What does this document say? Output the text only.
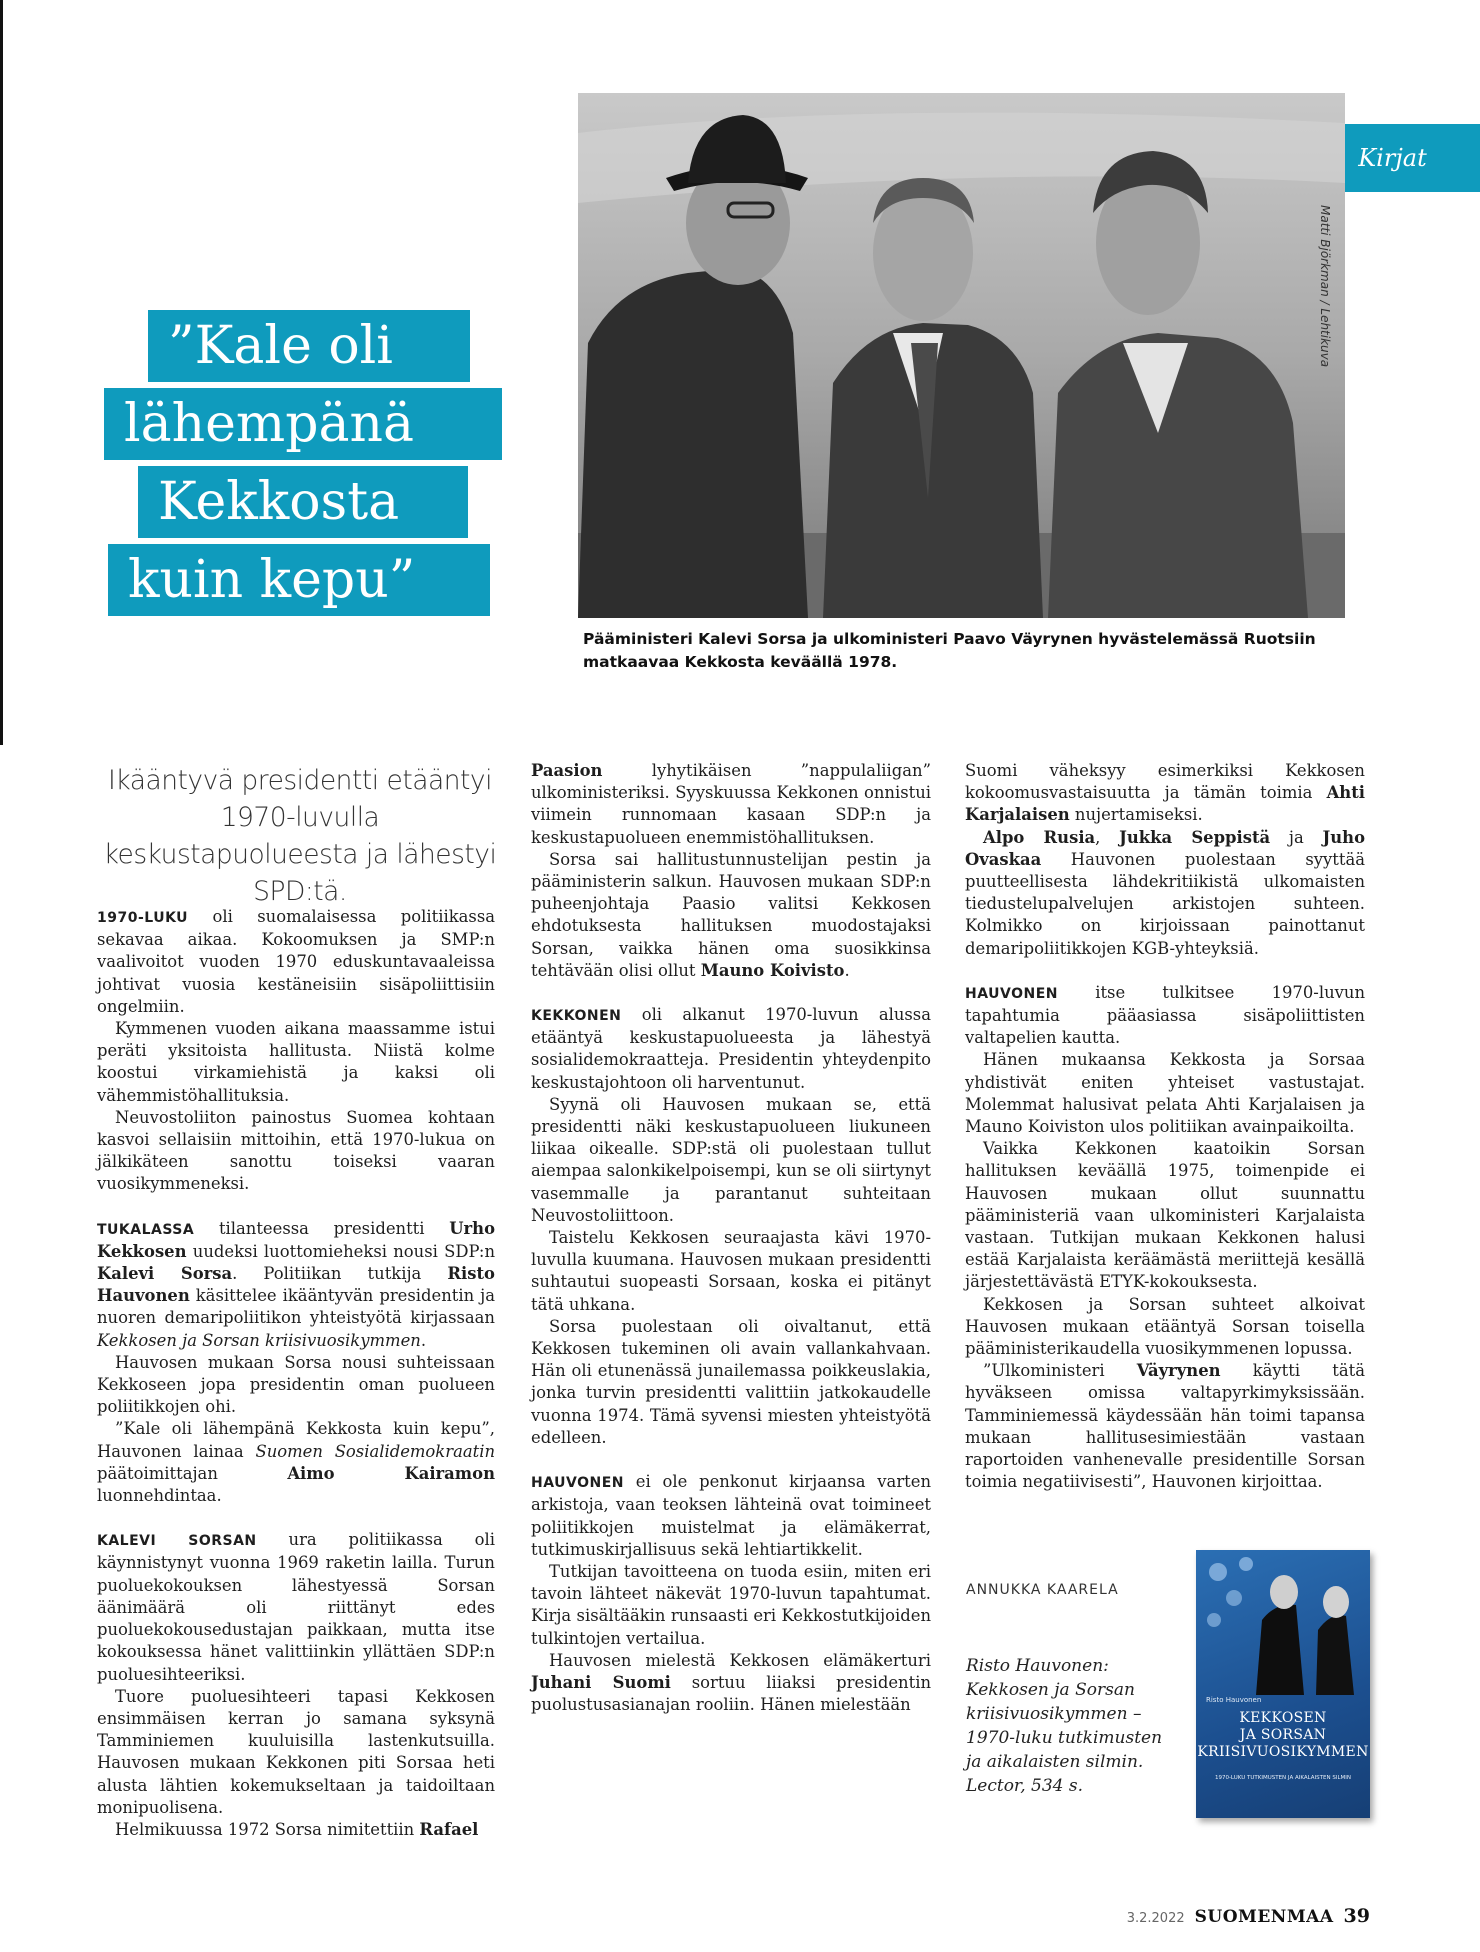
Kirjat
Matti Björkman / Lehtikuva
Pääministeri Kalevi Sorsa ja ulkoministeri Paavo Väyrynen hyvästelemässä Ruotsiin matkaavaa Kekkosta keväällä 1978.
”Kale oli
lähempänä
Kekkosta
kuin kepu”
Ikääntyvä presidentti etääntyi 1970-luvulla keskustapuolueesta ja lähestyi SPD:tä.

1970-LUKU oli suomalaisessa politiikassa sekavaa aikaa. Kokoomuksen ja SMP:n vaalivoitot vuoden 1970 eduskuntavaaleissa johtivat vuosia kestäneisiin sisäpoliittisiin ongelmiin.

Kymmenen vuoden aikana maassamme istui peräti yksitoista hallitusta. Niistä kolme koostui virkamiehistä ja kaksi oli vähemmistöhallituksia.

Neuvostoliiton painostus Suomea kohtaan kasvoi sellaisiin mittoihin, että 1970-lukua on jälkikäteen sanottu toiseksi vaaran vuosikymmeneksi.

TUKALASSA tilanteessa presidentti Urho Kekkosen uudeksi luottomieheksi nousi SDP:n Kalevi Sorsa. Politiikan tutkija Risto Hauvonen käsittelee ikääntyvän presidentin ja nuoren demaripoliitikon yhteistyötä kirjassaan Kekkosen ja Sorsan kriisivuosikymmen.

Hauvosen mukaan Sorsa nousi suhteissaan Kekkoseen jopa presidentin oman puolueen poliitikkojen ohi.

”Kale oli lähempänä Kekkosta kuin kepu”, Hauvonen lainaa Suomen Sosialidemokraatin päätoimittajan Aimo Kairamon luonnehdintaa.

KALEVI SORSAN ura politiikassa oli käynnistynyt vuonna 1969 raketin lailla. Turun puoluekokouksen lähestyessä Sorsan äänimäärä oli riittänyt edes puoluekokousedustajan paikkaan, mutta itse kokouksessa hänet valittiinkin yllättäen SDP:n puoluesihteeriksi.

Tuore puoluesihteeri tapasi Kekkosen ensimmäisen kerran jo samana syksynä Tamminiemen kuuluisilla lastenkutsuilla. Hauvosen mukaan Kekkonen piti Sorsaa heti alusta lähtien kokemukseltaan ja taidoiltaan monipuolisena.

Helmikuussa 1972 Sorsa nimitettiin Rafael

Paasion lyhytikäisen ”nappulaliigan” ulkoministeriksi. Syyskuussa Kekkonen onnistui viimein runnomaan kasaan SDP:n ja keskustapuolueen enemmistöhallituksen.

Sorsa sai hallitustunnustelijan pestin ja pääministerin salkun. Hauvosen mukaan SDP:n puheenjohtaja Paasio valitsi Kekkosen ehdotuksesta hallituksen muodostajaksi Sorsan, vaikka hänen oma suosikkinsa tehtävään olisi ollut Mauno Koivisto.

KEKKONEN oli alkanut 1970-luvun alussa etääntyä keskustapuolueesta ja lähestyä sosialidemokraatteja. Presidentin yhteydenpito keskustajohtoon oli harventunut.

Syynä oli Hauvosen mukaan se, että presidentti näki keskustapuolueen liukuneen liikaa oikealle. SDP:stä oli puolestaan tullut aiempaa salonkikelpoisempi, kun se oli siirtynyt vasemmalle ja parantanut suhteitaan Neuvostoliittoon.

Taistelu Kekkosen seuraajasta kävi 1970-luvulla kuumana. Hauvosen mukaan presidentti suhtautui suopeasti Sorsaan, koska ei pitänyt tätä uhkana.

Sorsa puolestaan oli oivaltanut, että Kekkosen tukeminen oli avain vallankahvaan. Hän oli etunenässä junailemassa poikkeuslakia, jonka turvin presidentti valittiin jatkokaudelle vuonna 1974. Tämä syvensi miesten yhteistyötä edelleen.

HAUVONEN ei ole penkonut kirjaansa varten arkistoja, vaan teoksen lähteinä ovat toimineet poliitikkojen muistelmat ja elämäkerrat, tutkimuskirjallisuus sekä lehtiartikkelit.

Tutkijan tavoitteena on tuoda esiin, miten eri tavoin lähteet näkevät 1970-luvun tapahtumat. Kirja sisältääkin runsaasti eri Kekkostutkijoiden tulkintojen vertailua.

Hauvosen mielestä Kekkosen elämäkerturi Juhani Suomi sortuu liiaksi presidentin puolustusasianajan rooliin. Hänen mielestään

Suomi väheksyy esimerkiksi Kekkosen kokoomusvastaisuutta ja tämän toimia Ahti Karjalaisen nujertamiseksi.

Alpo Rusia, Jukka Seppistä ja Juho Ovaskaa Hauvonen puolestaan syyttää puutteellisesta lähdekritiikistä ulkomaisten tiedustelupalvelujen arkistojen suhteen. Kolmikko on kirjoissaan painottanut demaripoliitikkojen KGB-yhteyksiä.

HAUVONEN itse tulkitsee 1970-luvun tapahtumia pääasiassa sisäpoliittisten valtapelien kautta.

Hänen mukaansa Kekkosta ja Sorsaa yhdistivät eniten yhteiset vastustajat. Molemmat halusivat pelata Ahti Karjalaisen ja Mauno Koiviston ulos politiikan avainpaikoilta.

Vaikka Kekkonen kaatoikin Sorsan hallituksen keväällä 1975, toimenpide ei Hauvosen mukaan ollut suunnattu pääministeriä vaan ulkoministeri Karjalaista vastaan. Tutkijan mukaan Kekkonen halusi estää Karjalaista keräämästä meriittejä kesällä järjestettävästä ETYK-kokouksesta.

Kekkosen ja Sorsan suhteet alkoivat Hauvosen mukaan etääntyä Sorsan toisella pääministerikaudella vuosikymmenen lopussa.

”Ulkoministeri Väyrynen käytti tätä hyväkseen omissa valtapyrkimyksissään. Tamminiemessä käydessään hän toimi tapansa mukaan hallitusesimiestään vastaan raportoiden vanhenevalle presidentille Sorsan toimia negatiivisesti”, Hauvonen kirjoittaa.

ANNUKKA KAARELA
Risto Hauvonen:
Kekkosen ja Sorsan
kriisivuosikymmen –
1970-luku tutkimusten
ja aikalaisten silmin.
Lector, 534 s.
Risto Hauvonen
KEKKOSEN
JA SORSAN
KRIISIVUOSIKYMMEN
1970-LUKU TUTKIMUSTEN JA AIKALAISTEN SILMIN
3.2.2022 SUOMENMAA 39
